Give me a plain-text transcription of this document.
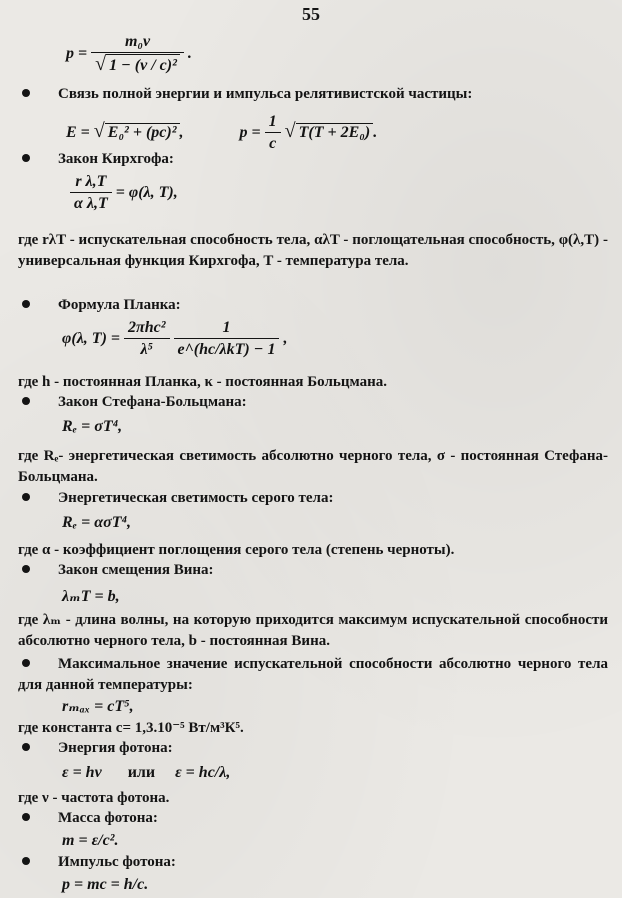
55
$p = \frac{\text{m₀v}}{\text{√ 1 − (v / c)²}}$ .
Связь полной энергии и импульса релятивистской частицы:
E = √ E₀² + (pc)² ,	$p = \frac{1}{c}$ √ T(T + 2E₀) .
Закон Кирхгофа:
$\frac{\text{r λ,T}}{\text{α λ,T}} = \varphi(\lambda$, T),
где rλT - испускательная способность тела, αλT - поглощательная способность, φ(λ,T) - универсальная функция Кирхгофа, T - температура тела.
Формула Планка:
φ(λ, $T) = \frac{\text{2πhc²}}{\text{λ⁵}}$
$\frac{1}{\text{e\textasciicircum{}(hc/λkT) − 1}}$ ,
где h - постоянная Планка, κ - постоянная Больцмана.
Закон Стефана-Больцмана:
Rₑ = σT⁴,
где Rₑ- энергетическая светимость абсолютно черного тела, σ - постоянная Стефана-Больцмана.
Энергетическая светимость серого тела:
Rₑ = ασT⁴,
где α - коэффициент поглощения серого тела (степень черноты).
Закон смещения Вина:
λₘT = b,
где λₘ - длина волны, на которую приходится максимум испускательной способности абсолютно черного тела, b - постоянная Вина.
Максимальное значение испускательной способности абсолютно черного тела для данной температуры:
rₘₐₓ = cT⁵,
где константа c= 1,3.10⁻⁵ Вт/м³К⁵.
Энергия фотона:
ε = hν или ε = hc/λ,
где ν - частота фотона.
Масса фотона:
m = ε/c².
Импульс фотона:
p = mc = h/c.
